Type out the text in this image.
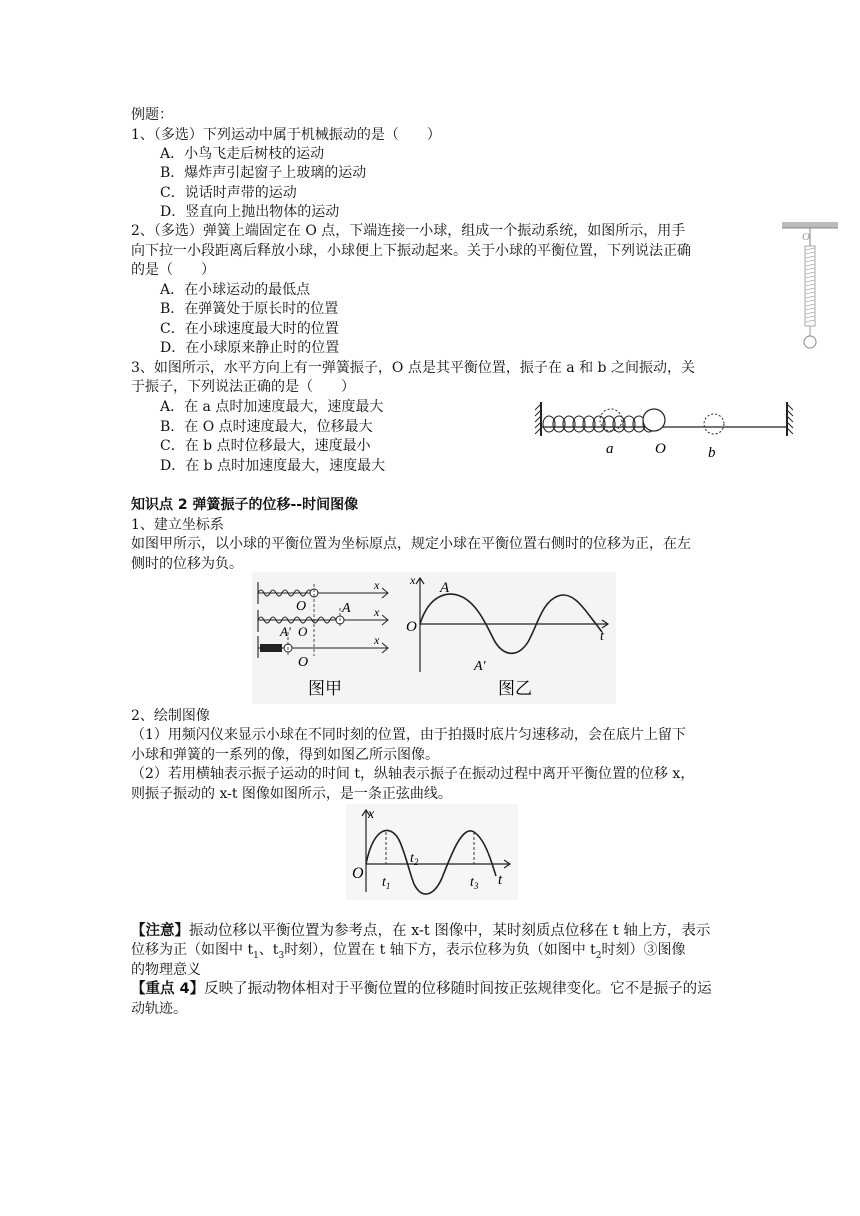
例题：
1、（多选）下列运动中属于机械振动的是（　　）
A．小鸟飞走后树枝的运动
B．爆炸声引起窗子上玻璃的运动
C．说话时声带的运动
D．竖直向上抛出物体的运动
2、（多选）弹簧上端固定在 O 点，下端连接一小球，组成一个振动系统，如图所示，用手
向下拉一小段距离后释放小球，小球便上下振动起来。关于小球的平衡位置，下列说法正确
的是（　　）
A．在小球运动的最低点
B．在弹簧处于原长时的位置
C．在小球速度最大时的位置
D．在小球原来静止时的位置
O
3、如图所示，水平方向上有一弹簧振子，O 点是其平衡位置，振子在 a 和 b 之间振动，关
于振子，下列说法正确的是（　　）
A．在 a 点时加速度最大，速度最大
B．在 O 点时速度最大，位移最大
C．在 b 点时位移最大，速度最小
D．在 b 点时加速度最大，速度最大
a	O	b
知识点 2 弹簧振子的位移--时间图像
1、建立坐标系
如图甲所示，以小球的平衡位置为坐标原点，规定小球在平衡位置右侧时的位移为正，在左
侧时的位移为负。
x
x
x
O	A
A′ O
O
图甲
x
O
A
A′
t
图乙
2、绘制图像
（1）用频闪仪来显示小球在不同时刻的位置，由于拍摄时底片匀速移动，会在底片上留下
小球和弹簧的一系列的像，得到如图乙所示图像。
（2）若用横轴表示振子运动的时间 t，纵轴表示振子在振动过程中离开平衡位置的位移 x，
则振子振动的 x-t 图像如图所示，是一条正弦曲线。
x
O	t
$t_1$
$t_2$
$t_3$
【注意】振动位移以平衡位置为参考点，在 x-t 图像中，某时刻质点位移在 t 轴上方，表示
位移为正（如图中 $t_1$、$t_3$时刻），位置在 t 轴下方，表示位移为负（如图中 $t_2$时刻）③图像
的物理意义
【重点 4】反映了振动物体相对于平衡位置的位移随时间按正弦规律变化。它不是振子的运
动轨迹。
